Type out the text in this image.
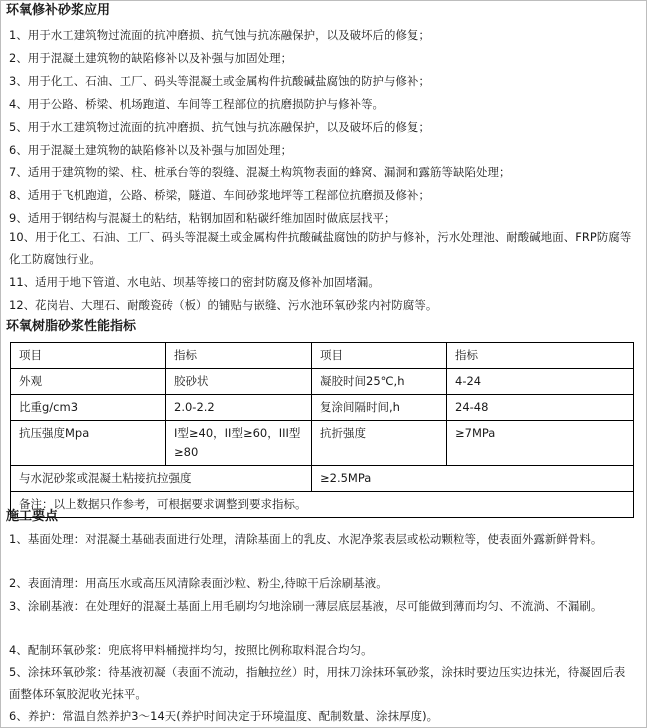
环氧修补砂浆应用
1、用于水工建筑物过流面的抗冲磨损、抗气蚀与抗冻融保护，以及破坏后的修复；
2、用于混凝土建筑物的缺陷修补以及补强与加固处理；
3、用于化工、石油、工厂、码头等混凝土或金属构件抗酸碱盐腐蚀的防护与修补；
4、用于公路、桥梁、机场跑道、车间等工程部位的抗磨损防护与修补等。
5、用于水工建筑物过流面的抗冲磨损、抗气蚀与抗冻融保护，以及破坏后的修复；
6、用于混凝土建筑物的缺陷修补以及补强与加固处理；
7、适用于建筑物的梁、柱、桩承台等的裂缝、混凝土构筑物表面的蜂窝、漏洞和露筋等缺陷处理；
8、适用于飞机跑道，公路、桥梁，隧道、车间砂浆地坪等工程部位抗磨损及修补；
9、适用于钢结构与混凝土的粘结，粘钢加固和粘碳纤维加固时做底层找平；
10、用于化工、石油、工厂、码头等混凝土或金属构件抗酸碱盐腐蚀的防护与修补，污水处理池、耐酸碱地面、FRP防腐等化工防腐蚀行业。
11、适用于地下管道、水电站、坝基等接口的密封防腐及修补加固堵漏。
12、花岗岩、大理石、耐酸瓷砖（板）的铺贴与嵌缝、污水池环氧砂浆内衬防腐等。
环氧树脂砂浆性能指标
项目	指标	项目	指标
外观	胶砂状	凝胶时间25℃,h	4-24
比重g/cm3	2.0-2.2	复涂间隔时间,h	24-48
抗压强度Mpa	I型≥40，II型≥60，III型≥80	抗折强度	≥7MPa
与水泥砂浆或混凝土粘接抗拉强度		≥2.5MPa	
备注：以上数据只作参考，可根据要求调整到要求指标。			
施工要点
1、基面处理：对混凝土基础表面进行处理，清除基面上的乳皮、水泥净浆表层或松动颗粒等，使表面外露新鲜骨料。
2、表面清理：用高压水或高压风清除表面沙粒、粉尘,待晾干后涂刷基液。
3、涂刷基液：在处理好的混凝土基面上用毛刷均匀地涂刷一薄层底层基液，尽可能做到薄而均匀、不流淌、不漏刷。
4、配制环氧砂浆：兜底将甲料桶搅拌均匀，按照比例称取料混合均匀。
5、涂抹环氧砂浆：待基液初凝（表面不流动，指触拉丝）时，用抹刀涂抹环氧砂浆，涂抹时要边压实边抹光，待凝固后表面整体环氧胶泥收光抹平。
6、养护：常温自然养护3～14天(养护时间决定于环境温度、配制数量、涂抹厚度)。
